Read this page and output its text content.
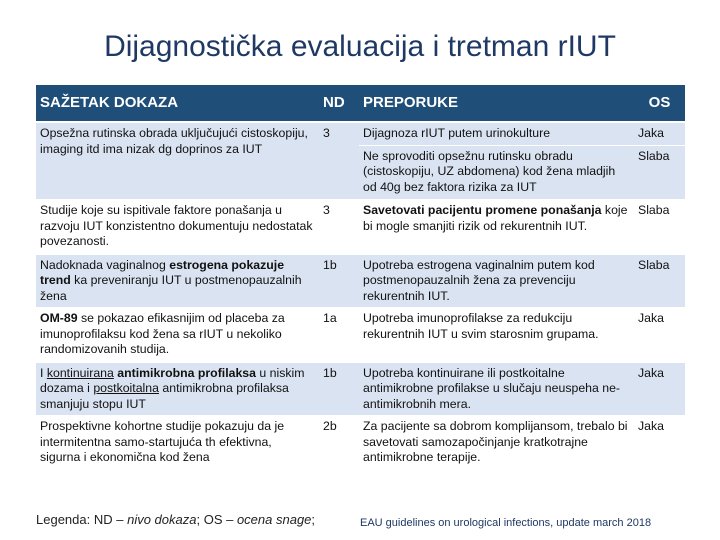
Dijagnostička evaluacija i tretman rIUT
SAŽETAK DOKAZA	ND	PREPORUKE	OS
Opsežna rutinska obrada uključujući cistoskopiju, imaging itd ima nizak dg doprinos za IUT	3	Dijagnoza rIUT putem urinokulture	Jaka
		Ne sprovoditi opsežnu rutinsku obradu (cistoskopiju, UZ abdomena) kod žena mladjih od 40g bez faktora rizika za IUT	Slaba
Studije koje su ispitivale faktore ponašanja u razvoju IUT konzistentno dokumentuju nedostatak povezanosti.	3	Savetovati pacijentu promene ponašanja koje bi mogle smanjiti rizik od rekurentnih IUT.	Slaba
Nadoknada vaginalnog estrogena pokazuje trend ka preveniranju IUT u postmenopauzalnih žena	1b	Upotreba estrogena vaginalnim putem kod postmenopauzalnih žena za prevenciju rekurentnih IUT.	Slaba
OM-89 se pokazao efikasnijim od placeba za imunoprofilaksu kod žena sa rIUT u nekoliko randomizovanih studija.	1a	Upotreba imunoprofilakse za redukciju rekurentnih IUT u svim starosnim grupama.	Jaka
I kontinuirana antimikrobna profilaksa u niskim dozama i postkoitalna antimikrobna profilaksa smanjuju stopu IUT	1b	Upotreba kontinuirane ili postkoitalne antimikrobne profilakse u slučaju neuspeha ne-antimikrobnih mera.	Jaka
Prospektivne kohortne studije pokazuju da je intermitentna samo-startujuća th efektivna, sigurna i ekonomična kod žena	2b	Za pacijente sa dobrom komplijansom, trebalo bi savetovati samozapočinjanje kratkotrajne antimikrobne terapije.	Jaka
Legenda: ND – nivo dokaza; OS – ocena snage;	EAU guidelines on urological infections, update march 2018
